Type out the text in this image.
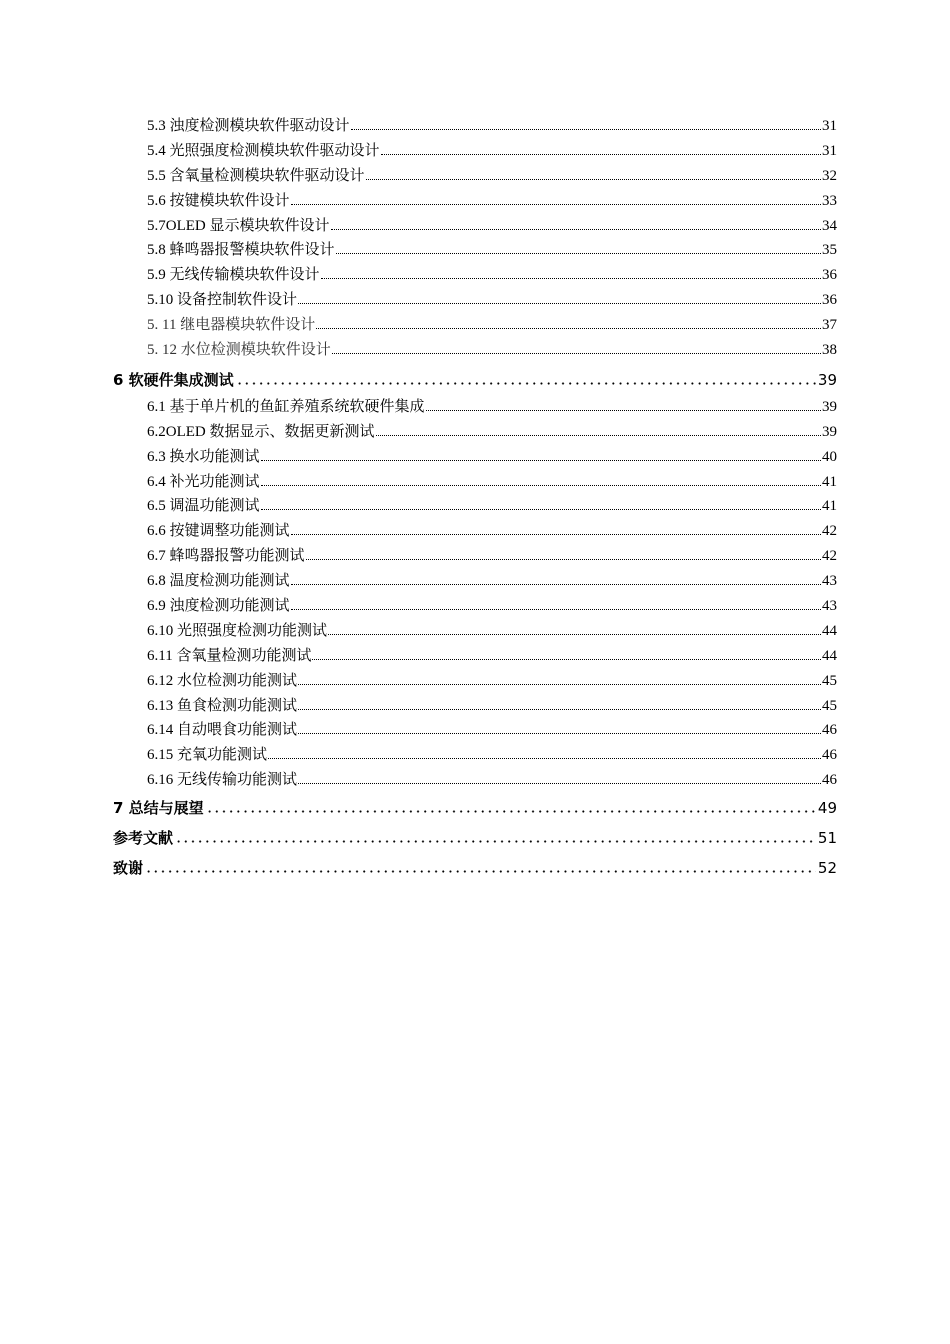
5.3 浊度检测模块软件驱动设计	31
5.4 光照强度检测模块软件驱动设计	31
5.5 含氧量检测模块软件驱动设计	32
5.6 按键模块软件设计	33
5.7OLED 显示模块软件设计	34
5.8 蜂鸣器报警模块软件设计	35
5.9 无线传输模块软件设计	36
5.10 设备控制软件设计	36
5. 11 继电器模块软件设计	37
5. 12 水位检测模块软件设计	38
6 软硬件集成测试	39
6.1 基于单片机的鱼缸养殖系统软硬件集成	39
6.2OLED 数据显示、数据更新测试	39
6.3 换水功能测试	40
6.4 补光功能测试	41
6.5 调温功能测试	41
6.6 按键调整功能测试	42
6.7 蜂鸣器报警功能测试	42
6.8 温度检测功能测试	43
6.9 浊度检测功能测试	43
6.10 光照强度检测功能测试	44
6.11 含氧量检测功能测试	44
6.12 水位检测功能测试	45
6.13 鱼食检测功能测试	45
6.14 自动喂食功能测试	46
6.15 充氧功能测试	46
6.16 无线传输功能测试	46
7 总结与展望	49
参考文献	51
致谢	52
